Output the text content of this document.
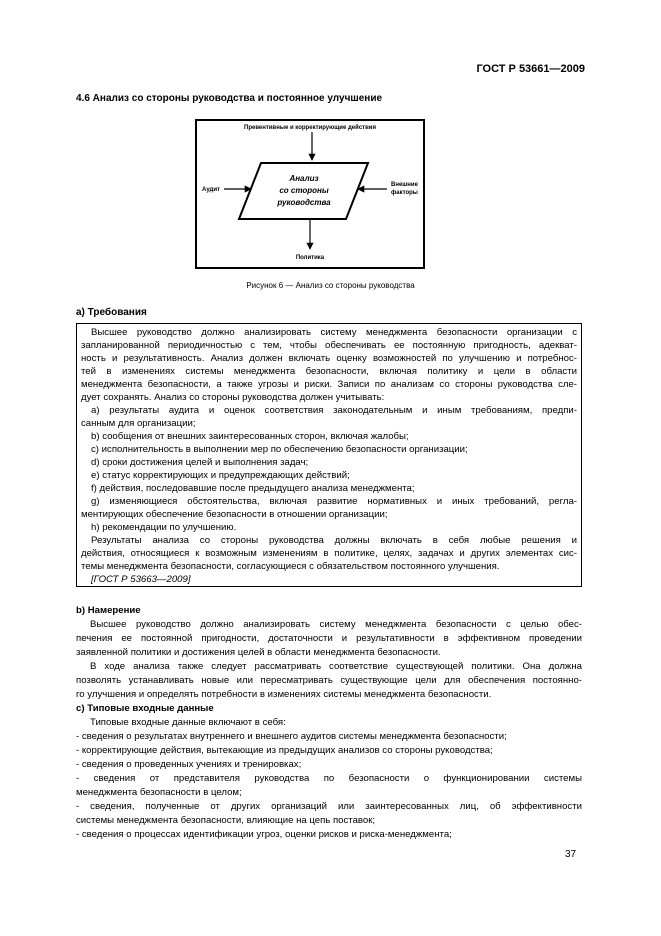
ГОСТ Р 53661—2009
4.6 Анализ со стороны руководства и постоянное улучшение
Превентивные и корректирующие действия
Анализ
со стороны
руководства
Аудит
Внешние
факторы
Политика
Рисунок 6 — Анализ со стороны руководства
а) Требования
Высшее руководство должно анализировать систему менеджмента безопасности организации с
запланированной периодичностью с тем, чтобы обеспечивать ее постоянную пригодность, адекват-
ность и результативность. Анализ должен включать оценку возможностей по улучшению и потребнос-
тей в изменениях системы менеджмента безопасности, включая политику и цели в области
менеджмента безопасности, а также угрозы и риски. Записи по анализам со стороны руководства сле-
дует сохранять. Анализ со стороны руководства должен учитывать:
а) результаты аудита и оценок соответствия законодательным и иным требованиям, предпи-
санным для организации;
b) сообщения от внешних заинтересованных сторон, включая жалобы;
c) исполнительность в выполнении мер по обеспечению безопасности организации;
d) сроки достижения целей и выполнения задач;
e) статус корректирующих и предупреждающих действий;
f) действия, последовавшие после предыдущего анализа менеджмента;
g) изменяющиеся обстоятельства, включая развитие нормативных и иных требований, регла-
ментирующих обеспечение безопасности в отношении организации;
h) рекомендации по улучшению.
Результаты анализа со стороны руководства должны включать в себя любые решения и
действия, относящиеся к возможным изменениям в политике, целях, задачах и других элементах сис-
темы менеджмента безопасности, согласующиеся с обязательством постоянного улучшения.
[ГОСТ Р 53663—2009]
b) Намерение
Высшее руководство должно анализировать систему менеджмента безопасности с целью обес-
печения ее постоянной пригодности, достаточности и результативности в эффективном проведении
заявленной политики и достижения целей в области менеджмента безопасности.
В ходе анализа также следует рассматривать соответствие существующей политики. Она должна
позволять устанавливать новые или пересматривать существующие цели для обеспечения постоянно-
го улучшения и определять потребности в изменениях системы менеджмента безопасности.
с) Типовые входные данные
Типовые входные данные включают в себя:
- сведения о результатах внутреннего и внешнего аудитов системы менеджмента безопасности;
- корректирующие действия, вытекающие из предыдущих анализов со стороны руководства;
- сведения о проведенных учениях и тренировках;
- сведения от представителя руководства по безопасности о функционировании системы
менеджмента безопасности в целом;
- сведения, полученные от других организаций или заинтересованных лиц, об эффективности
системы менеджмента безопасности, влияющие на цепь поставок;
- сведения о процессах идентификации угроз, оценки рисков и риска-менеджмента;
37
